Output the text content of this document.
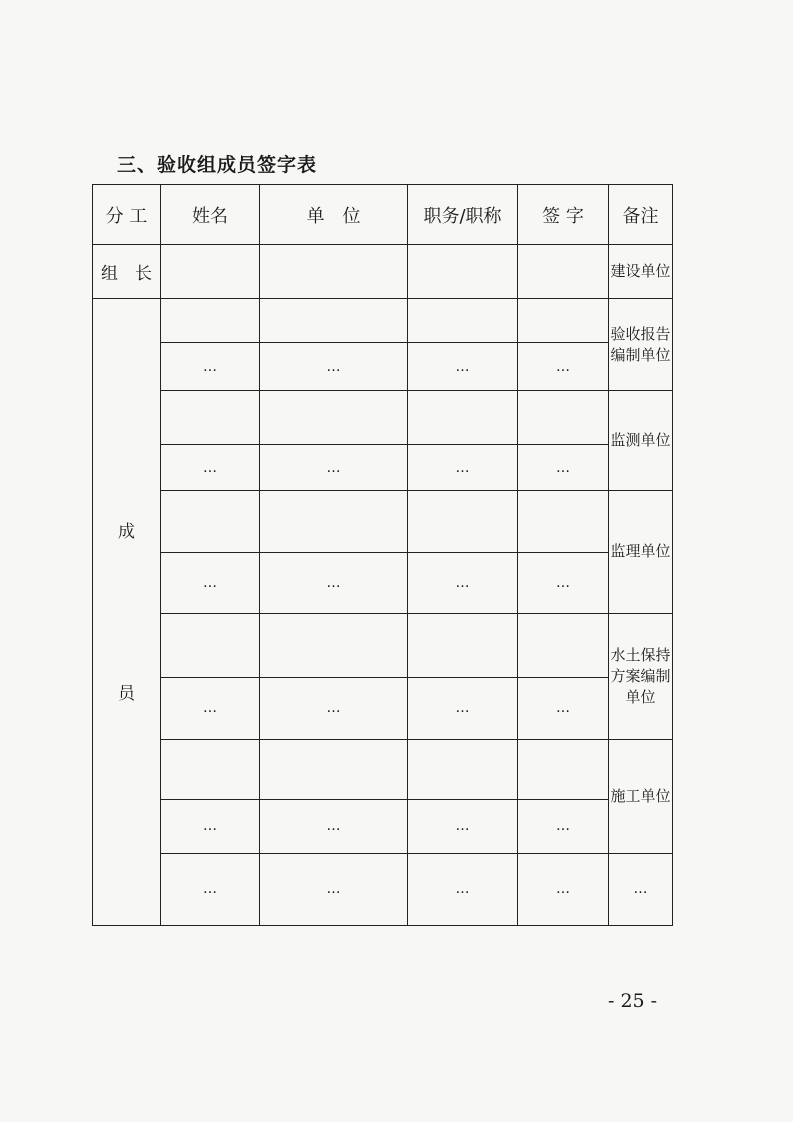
三、验收组成员签字表
分 工	姓名	单　位	职务/职称	签 字	备注
组　长					建设单位

成
员					验收报告编制单位
	…	…	…	…	
					监测单位
	…	…	…	…	
					监理单位
	…	…	…	…	
					水土保持方案编制单位
	…	…	…	…	
					施工单位
	…	…	…	…	
	…	…	…	…	…
- 25 -
